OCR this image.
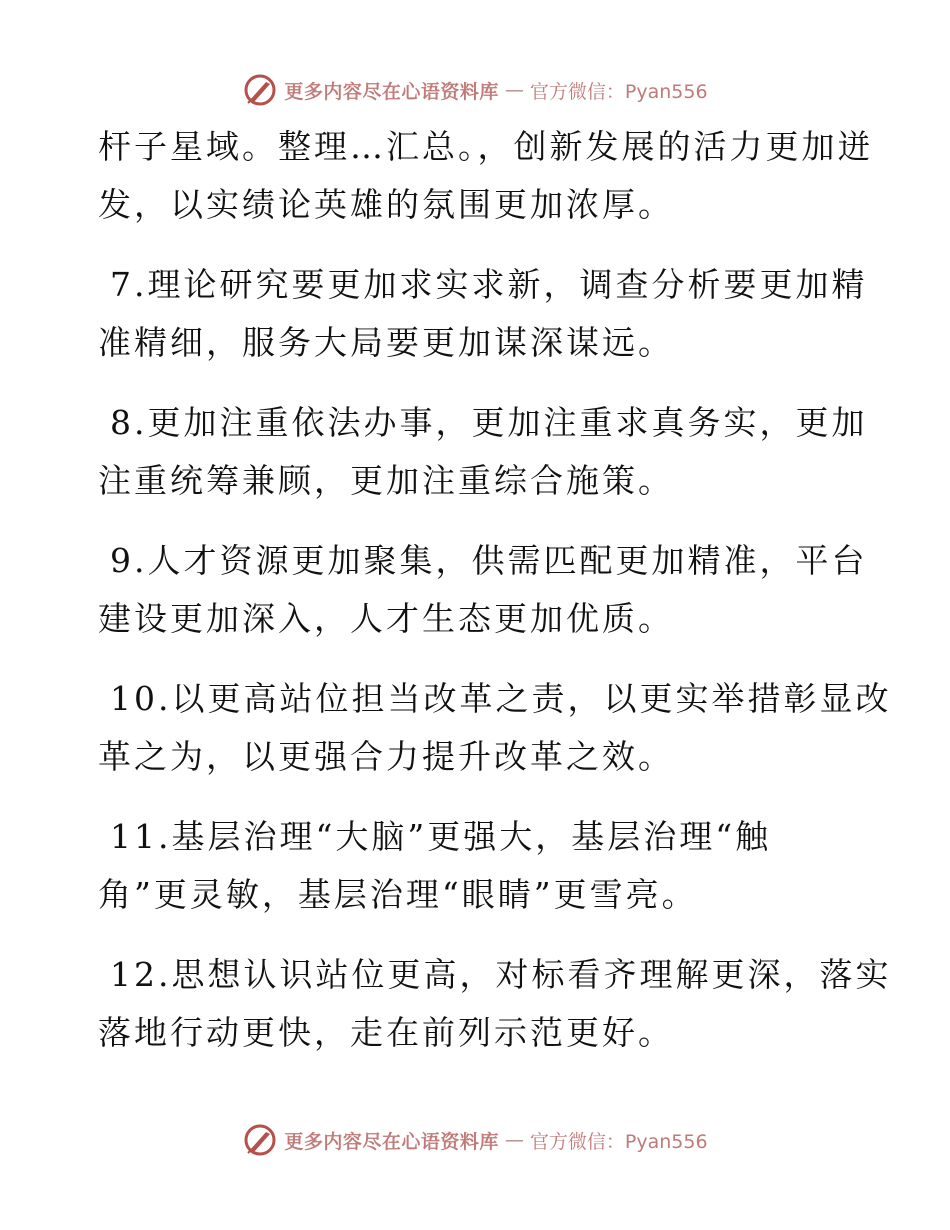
更多内容尽在心语资料库 — 官方微信：Pyan556
杆子星域。整理…汇总。，创新发展的活力更加迸
发，以实绩论英雄的氛围更加浓厚。
7.理论研究要更加求实求新，调查分析要更加精
准精细，服务大局要更加谋深谋远。
8.更加注重依法办事，更加注重求真务实，更加
注重统筹兼顾，更加注重综合施策。
9.人才资源更加聚集，供需匹配更加精准，平台
建设更加深入，人才生态更加优质。
10.以更高站位担当改革之责，以更实举措彰显改
革之为，以更强合力提升改革之效。
11.基层治理“大脑”更强大，基层治理“触
角”更灵敏，基层治理“眼睛”更雪亮。
12.思想认识站位更高，对标看齐理解更深，落实
落地行动更快，走在前列示范更好。
更多内容尽在心语资料库 — 官方微信：Pyan556
